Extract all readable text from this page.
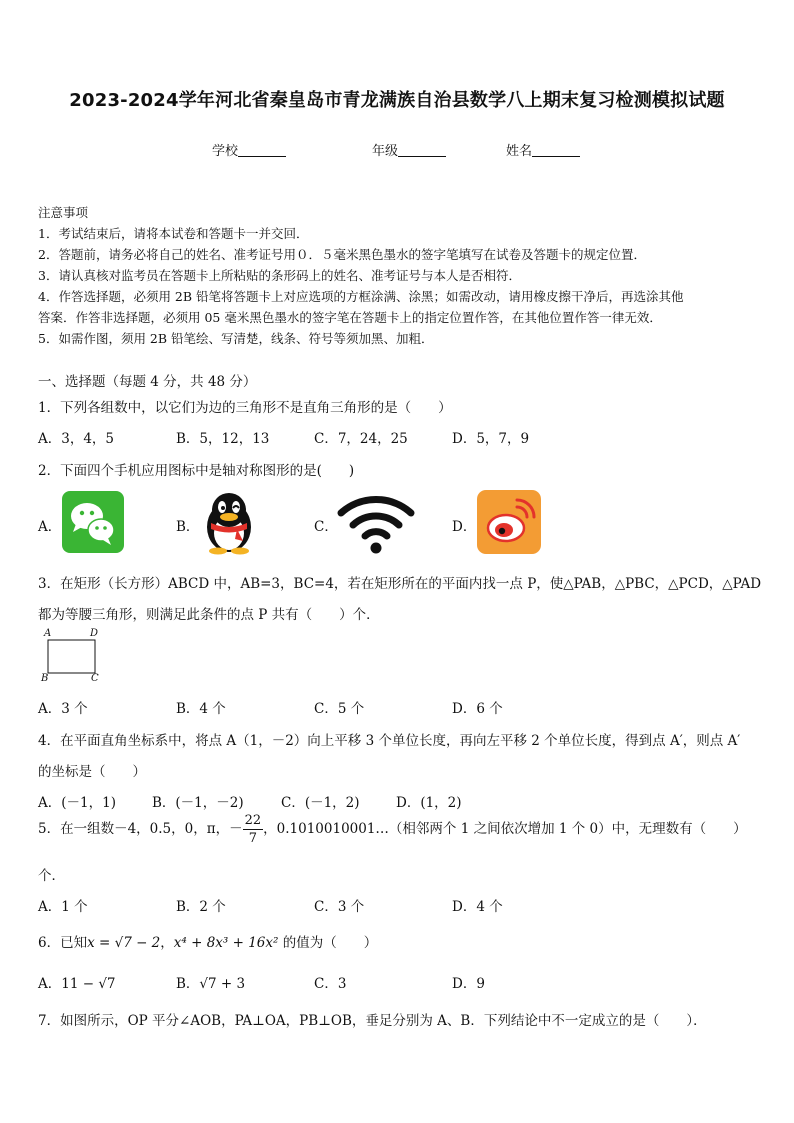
2023-2024学年河北省秦皇岛市青龙满族自治县数学八上期末复习检测模拟试题
学校	年级	姓名
注意事项
1．考试结束后，请将本试卷和答题卡一并交回．
2．答题前，请务必将自己的姓名、准考证号用０．５毫米黑色墨水的签字笔填写在试卷及答题卡的规定位置．
3．请认真核对监考员在答题卡上所粘贴的条形码上的姓名、准考证号与本人是否相符．
4．作答选择题，必须用 2B 铅笔将答题卡上对应选项的方框涂满、涂黑；如需改动，请用橡皮擦干净后，再选涂其他
答案．作答非选择题，必须用 05 毫米黑色墨水的签字笔在答题卡上的指定位置作答，在其他位置作答一律无效．
5．如需作图，须用 2B 铅笔绘、写清楚，线条、符号等须加黑、加粗．
一、选择题（每题 4 分，共 48 分）
1．下列各组数中，以它们为边的三角形不是直角三角形的是（　　）
A．3，4，5	B．5，12，13	C．7，24，25	D．5，7，9
2．下面四个手机应用图标中是轴对称图形的是(　　)
A．	B．	C．	D．
3．在矩形（长方形）ABCD 中，AB=3，BC=4，若在矩形所在的平面内找一点 P，使△PAB，△PBC，△PCD，△PAD
都为等腰三角形，则满足此条件的点 P 共有（　　）个．
A	D
B	C
A．3 个	B．4 个	C．5 个	D．6 个
4．在平面直角坐标系中，将点 A（1，－2）向上平移 3 个单位长度，再向左平移 2 个单位长度，得到点 A′，则点 A′
的坐标是（　　）
A．(－1，1)	B．(－1，－2)	C．(－1，2)	D．(1，2)
5．在一组数－4，0.5，0，π，－ $\frac{22}{7}$ ，0.1010010001…（相邻两个 1 之间依次增加 1 个 0）中，无理数有（　　）
个．
A．1 个	B．2 个	C．3 个	D．4 个
6．已知x = √7 − 2，x⁴ + 8x³ + 16x² 的值为（　　）
A．11 − √7	B．√7 + 3	C．3	D．9
7．如图所示，OP 平分∠AOB，PA⊥OA，PB⊥OB，垂足分别为 A、B．下列结论中不一定成立的是（　　）．
